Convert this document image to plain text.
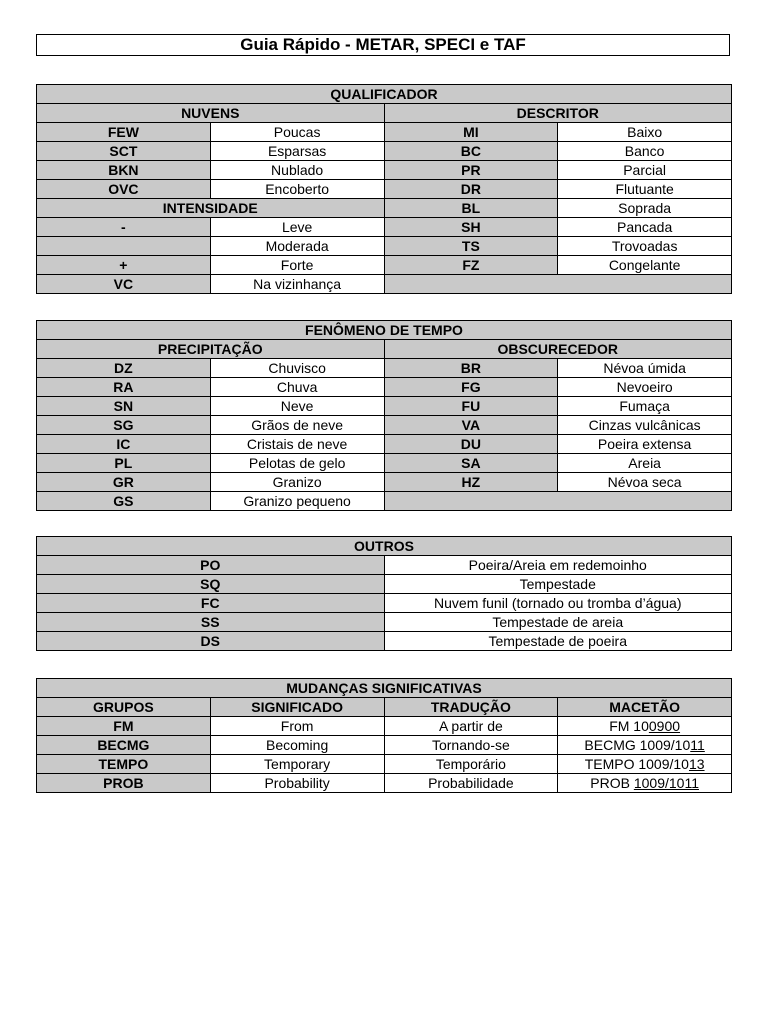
Guia Rápido - METAR, SPECI e TAF
QUALIFICADOR			
NUVENS		DESCRITOR	
FEW	Poucas	MI	Baixo
SCT	Esparsas	BC	Banco
BKN	Nublado	PR	Parcial
OVC	Encoberto	DR	Flutuante
INTENSIDADE		BL	Soprada
-	Leve	SH	Pancada
	Moderada	TS	Trovoadas
+	Forte	FZ	Congelante
VC	Na vizinhança		
FENÔMENO DE TEMPO			
PRECIPITAÇÃO		OBSCURECEDOR	
DZ	Chuvisco	BR	Névoa úmida
RA	Chuva	FG	Nevoeiro
SN	Neve	FU	Fumaça
SG	Grãos de neve	VA	Cinzas vulcânicas
IC	Cristais de neve	DU	Poeira extensa
PL	Pelotas de gelo	SA	Areia
GR	Granizo	HZ	Névoa seca
GS	Granizo pequeno		
OUTROS	
PO	Poeira/Areia em redemoinho
SQ	Tempestade
FC	Nuvem funil (tornado ou tromba d’água)
SS	Tempestade de areia
DS	Tempestade de poeira
MUDANÇAS SIGNIFICATIVAS			
GRUPOS	SIGNIFICADO	TRADUÇÃO	MACETÃO
FM	From	A partir de	FM 100900
BECMG	Becoming	Tornando-se	BECMG 1009/1011
TEMPO	Temporary	Temporário	TEMPO 1009/1013
PROB	Probability	Probabilidade	PROB 1009/1011
